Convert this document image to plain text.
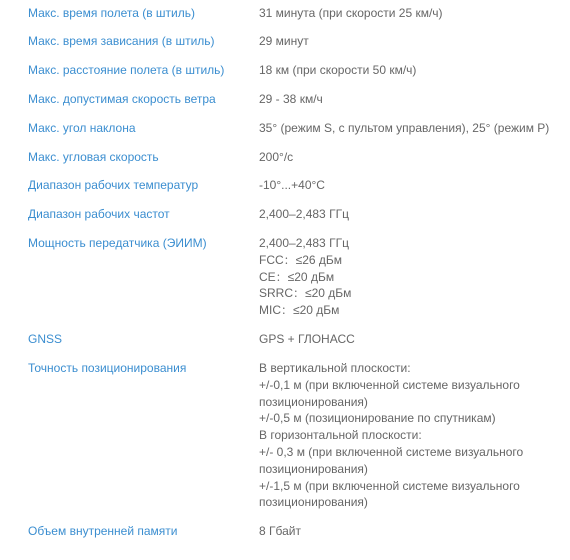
Макс. время полета (в штиль)	31 минута (при скорости 25 км/ч)
Макс. время зависания (в штиль)	29 минут
Макс. расстояние полета (в штиль)	18 км (при скорости 50 км/ч)
Макс. допустимая скорость ветра	29 - 38 км/ч
Макс. угол наклона	35° (режим S, с пультом управления), 25° (режим P)
Макс. угловая скорость	200°/с
Диапазон рабочих температур	-10°...+40°C
Диапазон рабочих частот	2,400–2,483 ГГц
Мощность передатчика (ЭИИМ)	2,400–2,483 ГГц
FCC：≤26 дБм
CE：≤20 дБм
SRRC：≤20 дБм
MIC：≤20 дБм
GNSS	GPS + ГЛОНАСС
Точность позиционирования	В вертикальной плоскости:
+/-0,1 м (при включенной системе визуального позиционирования)
+/-0,5 м (позиционирование по спутникам)
В горизонтальной плоскости:
+/- 0,3 м (при включенной системе визуального позиционирования)
+/-1,5 м (при включенной системе визуального позиционирования)
Объем внутренней памяти	8 Гбайт
